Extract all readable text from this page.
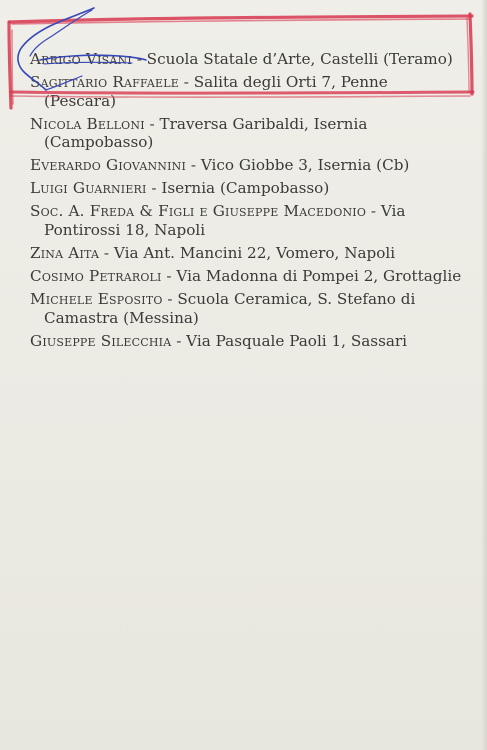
Arrigo Visani - Scuola Statale d’Arte, Castelli (Teramo)

Sagittario Raffaele - Salita degli Orti 7, Penne (Pescara)

Nicola Belloni - Traversa Garibaldi, Isernia (Campobasso)

Everardo Giovannini - Vico Giobbe 3, Isernia (Cb)

Luigi Guarnieri - Isernia (Campobasso)

Soc. A. Freda & Figli e Giuseppe Macedonio - Via Pontirossi 18, Napoli

Zina Aita - Via Ant. Mancini 22, Vomero, Napoli

Cosimo Petraroli - Via Madonna di Pompei 2, Grottaglie

Michele Esposito - Scuola Ceramica, S. Stefano di Camastra (Messina)

Giuseppe Silecchia - Via Pasquale Paoli 1, Sassari
